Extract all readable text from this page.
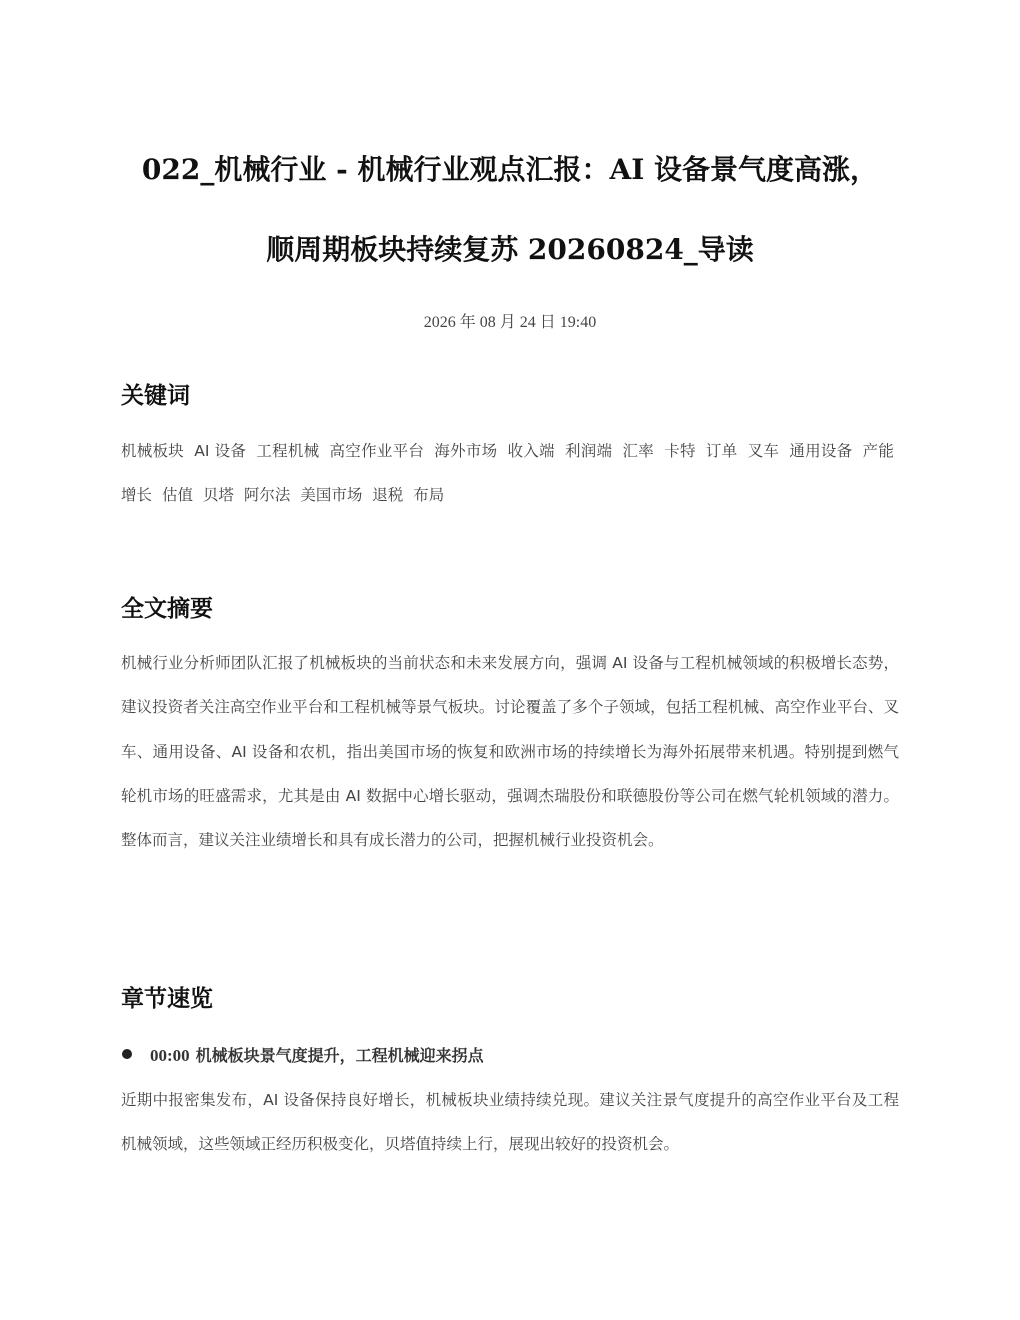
022_机械行业 - 机械行业观点汇报：AI 设备景气度高涨，
顺周期板块持续复苏 20260824_导读
2026 年 08 月 24 日 19:40
关键词

机械板块 AI 设备 工程机械 高空作业平台 海外市场 收入端 利润端 汇率 卡特 订单 叉车 通用设备 产能 增长 估值 贝塔 阿尔法 美国市场 退税 布局

全文摘要

机械行业分析师团队汇报了机械板块的当前状态和未来发展方向，强调 AI 设备与工程机械领域的积极增长态势，建议投资者关注高空作业平台和工程机械等景气板块。讨论覆盖了多个子领域，包括工程机械、高空作业平台、叉车、通用设备、AI 设备和农机，指出美国市场的恢复和欧洲市场的持续增长为海外拓展带来机遇。特别提到燃气轮机市场的旺盛需求，尤其是由 AI 数据中心增长驱动，强调杰瑞股份和联德股份等公司在燃气轮机领域的潜力。整体而言，建议关注业绩增长和具有成长潜力的公司，把握机械行业投资机会。

章节速览
00:00 机械板块景气度提升，工程机械迎来拐点

近期中报密集发布，AI 设备保持良好增长，机械板块业绩持续兑现。建议关注景气度提升的高空作业平台及工程机械领域，这些领域正经历积极变化，贝塔值持续上行，展现出较好的投资机会。
